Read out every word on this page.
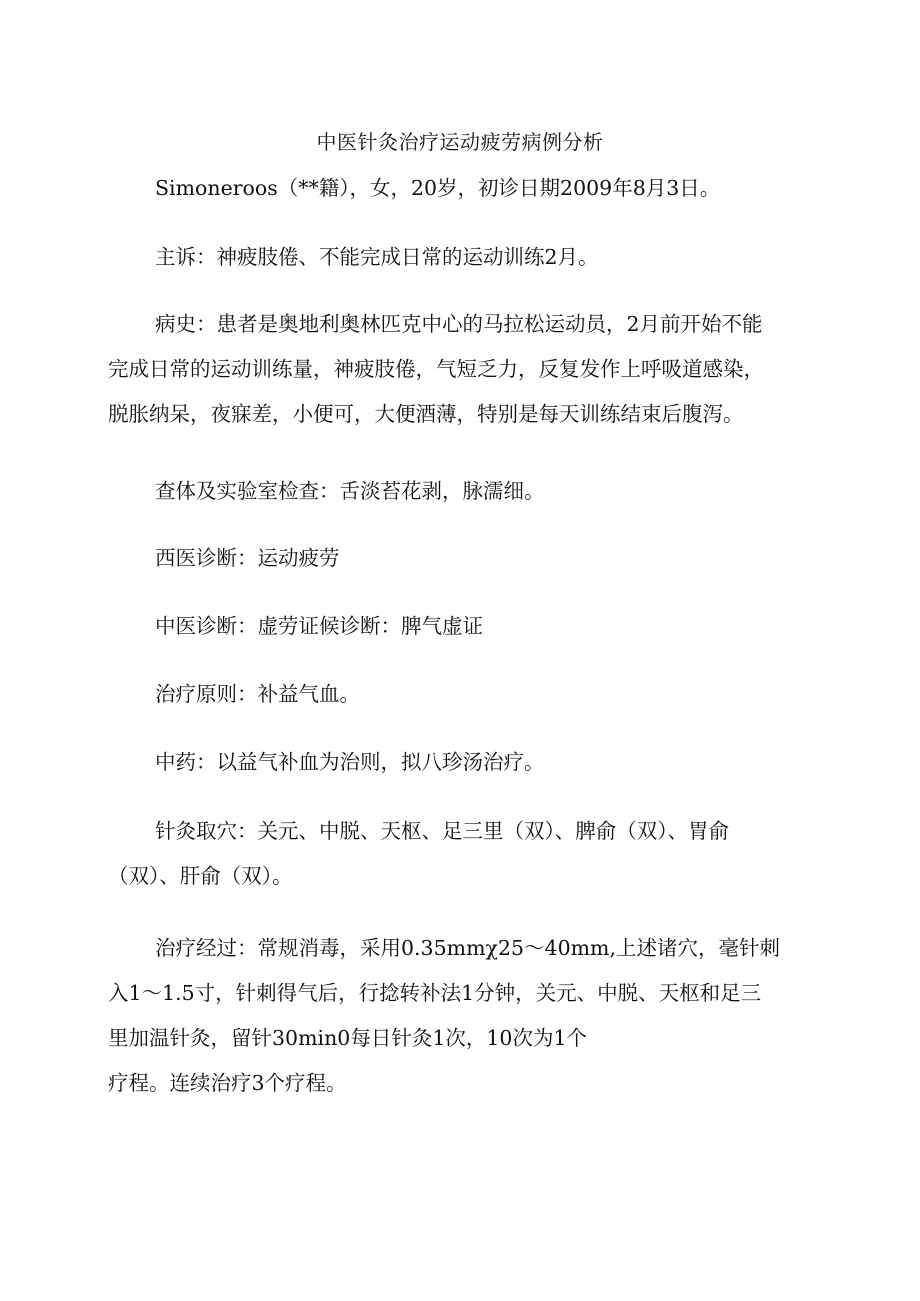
中医针灸治疗运动疲劳病例分析

Simoneroos（**籍），女，20岁，初诊日期2009年8月3日。

主诉：神疲肢倦、不能完成日常的运动训练2月。

病史：患者是奥地利奥林匹克中心的马拉松运动员，2月前开始不能
完成日常的运动训练量，神疲肢倦，气短乏力，反复发作上呼吸道感染，
脱胀纳呆，夜寐差，小便可，大便酒薄，特别是每天训练结束后腹泻。

查体及实验室检查：舌淡苔花剥，脉濡细。

西医诊断：运动疲劳

中医诊断：虚劳证候诊断：脾气虚证

治疗原则：补益气血。

中药：以益气补血为治则，拟八珍汤治疗。

针灸取穴：关元、中脱、天枢、足三里（双）、脾俞（双）、胃俞
（双）、肝俞（双）。
治疗经过：常规消毒，采用0.35mmχ25～40mm,上述诸穴，毫针刺
入1～1.5寸，针刺得气后，行捻转补法1分钟，关元、中脱、天枢和足三
里加温针灸，留针30min0每日针灸1次，10次为1个
疗程。连续治疗3个疗程。
